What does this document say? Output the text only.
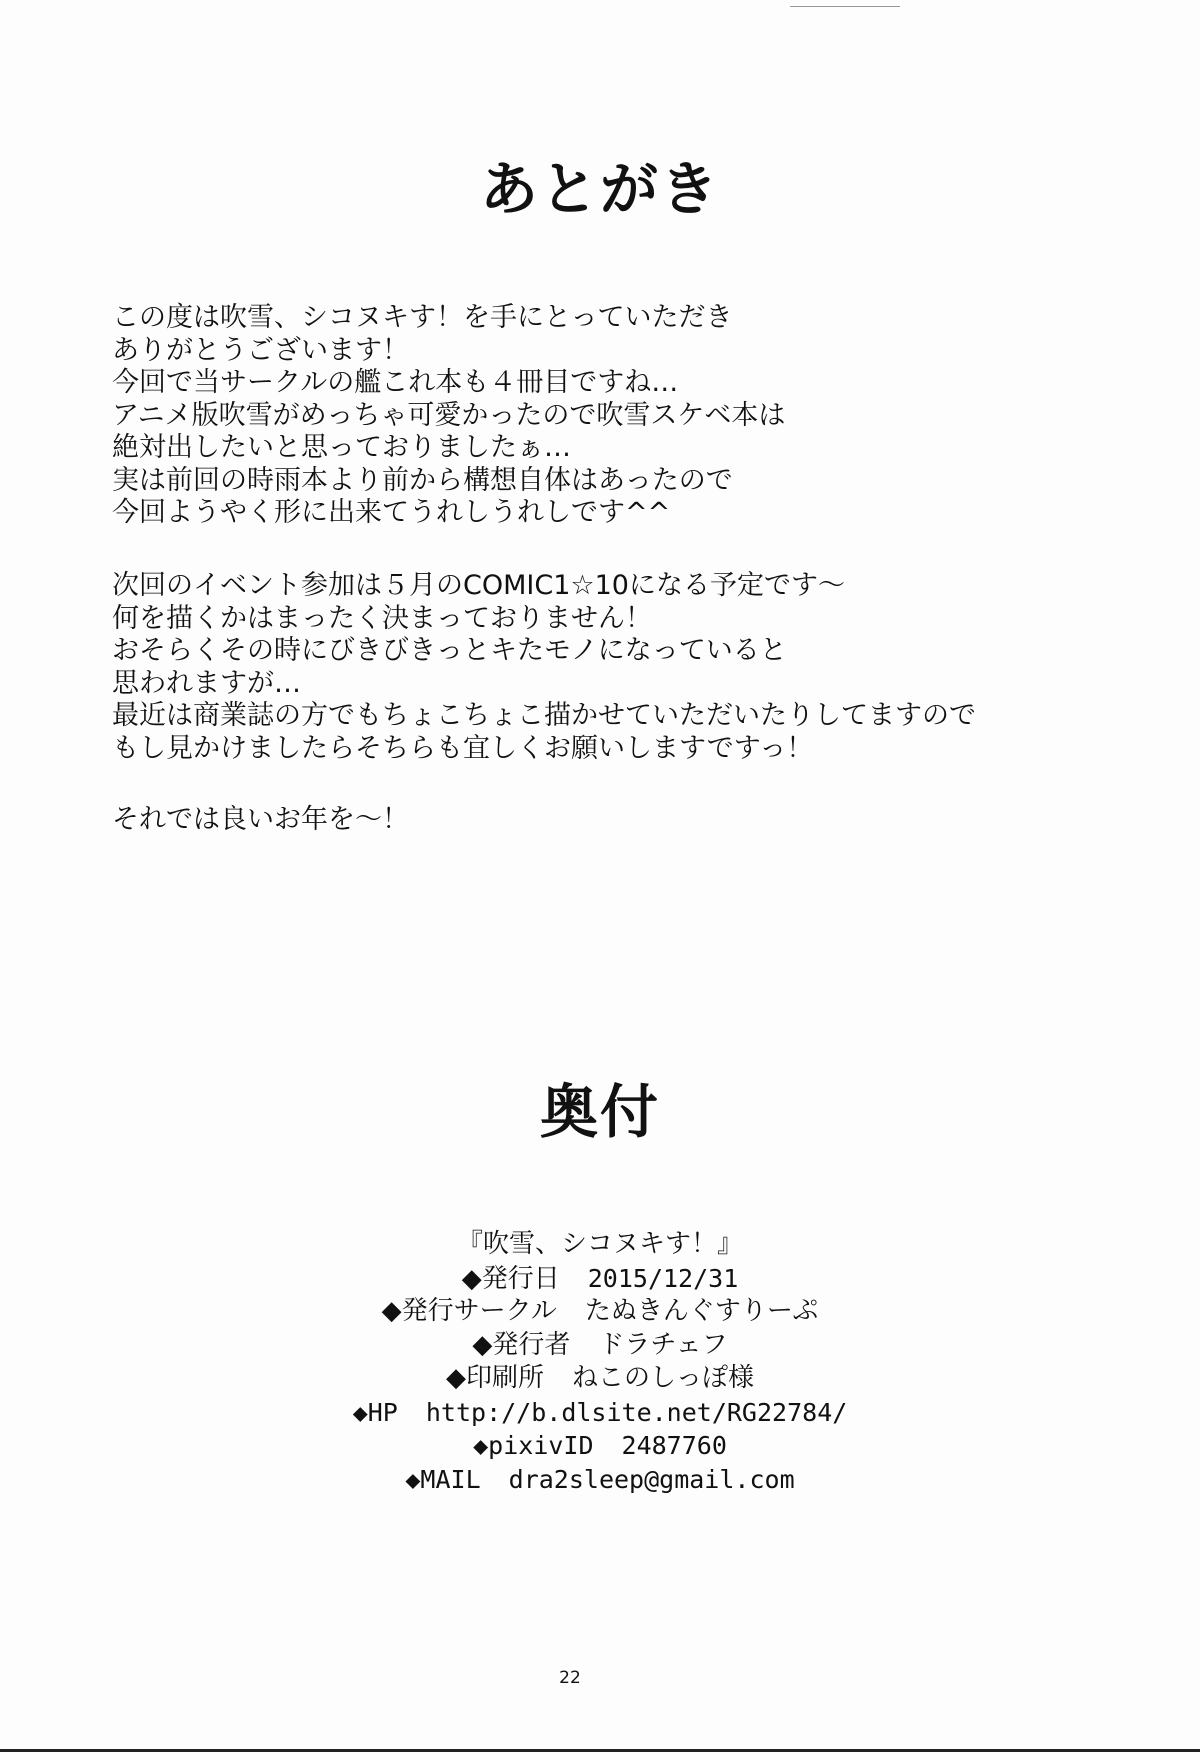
あとがき
この度は吹雪、シコヌキす！を手にとっていただき
ありがとうございます！
今回で当サークルの艦これ本も４冊目ですね…
アニメ版吹雪がめっちゃ可愛かったので吹雪スケベ本は
絶対出したいと思っておりましたぁ…
実は前回の時雨本より前から構想自体はあったので
今回ようやく形に出来てうれしうれしです^^
次回のイベント参加は５月のCOMIC1☆10になる予定です～
何を描くかはまったく決まっておりません！
おそらくその時にびきびきっとキたモノになっていると
思われますが…
最近は商業誌の方でもちょこちょこ描かせていただいたりしてますので
もし見かけましたらそちらも宜しくお願いしますですっ！
それでは良いお年を～！
奥付
『吹雪、シコヌキす！』
◆発行日 2015/12/31
◆発行サークル たぬきんぐすりーぷ
◆発行者 ドラチェフ
◆印刷所 ねこのしっぽ様
◆HP http://b.dlsite.net/RG22784/
◆pixivID 2487760
◆MAIL dra2sleep@gmail.com
22
